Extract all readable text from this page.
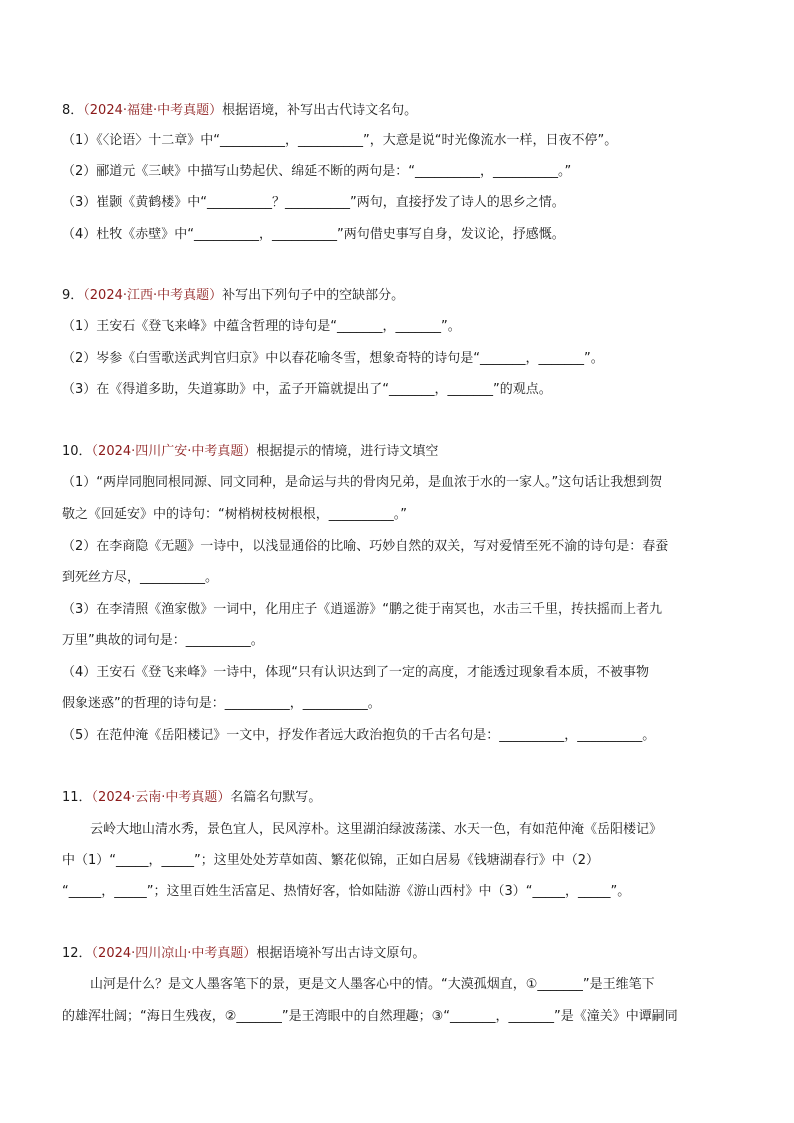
8．（2024·福建·中考真题）根据语境，补写出古代诗文名句。
（1）《〈论语〉十二章》中“__________，__________”，大意是说“时光像流水一样，日夜不停”。
（2）郦道元《三峡》中描写山势起伏、绵延不断的两句是：“__________，__________。”
（3）崔颢《黄鹤楼》中“__________？__________”两句，直接抒发了诗人的思乡之情。
（4）杜牧《赤壁》中“__________，__________”两句借史事写自身，发议论，抒感慨。
9．（2024·江西·中考真题）补写出下列句子中的空缺部分。
（1）王安石《登飞来峰》中蕴含哲理的诗句是“_______，_______”。
（2）岑参《白雪歌送武判官归京》中以春花喻冬雪，想象奇特的诗句是“_______，_______”。
（3）在《得道多助，失道寡助》中，孟子开篇就提出了“_______，_______”的观点。
10．（2024·四川广安·中考真题）根据提示的情境，进行诗文填空
（1）“两岸同胞同根同源、同文同种，是命运与共的骨肉兄弟，是血浓于水的一家人。”这句话让我想到贺
敬之《回延安》中的诗句：“树梢树枝树根根，__________。”
（2）在李商隐《无题》一诗中，以浅显通俗的比喻、巧妙自然的双关，写对爱情至死不渝的诗句是：春蚕
到死丝方尽，__________。
（3）在李清照《渔家傲》一词中，化用庄子《逍遥游》“鹏之徙于南冥也，水击三千里，抟扶摇而上者九
万里”典故的词句是：__________。
（4）王安石《登飞来峰》一诗中，体现“只有认识达到了一定的高度，才能透过现象看本质，不被事物
假象迷惑”的哲理的诗句是：__________，__________。
（5）在范仲淹《岳阳楼记》一文中，抒发作者远大政治抱负的千古名句是：__________，__________。
11．（2024·云南·中考真题）名篇名句默写。
云岭大地山清水秀，景色宜人，民风淳朴。这里湖泊绿波荡漾、水天一色，有如范仲淹《岳阳楼记》
中（1）“_____，_____”；这里处处芳草如茵、繁花似锦，正如白居易《钱塘湖春行》中（2）
“_____，_____”；这里百姓生活富足、热情好客，恰如陆游《游山西村》中（3）“_____，_____”。
12．（2024·四川凉山·中考真题）根据语境补写出古诗文原句。
山河是什么？是文人墨客笔下的景，更是文人墨客心中的情。“大漠孤烟直，①_______”是王维笔下
的雄浑壮阔；“海日生残夜，②_______”是王湾眼中的自然理趣；③“_______，_______”是《潼关》中谭嗣同
